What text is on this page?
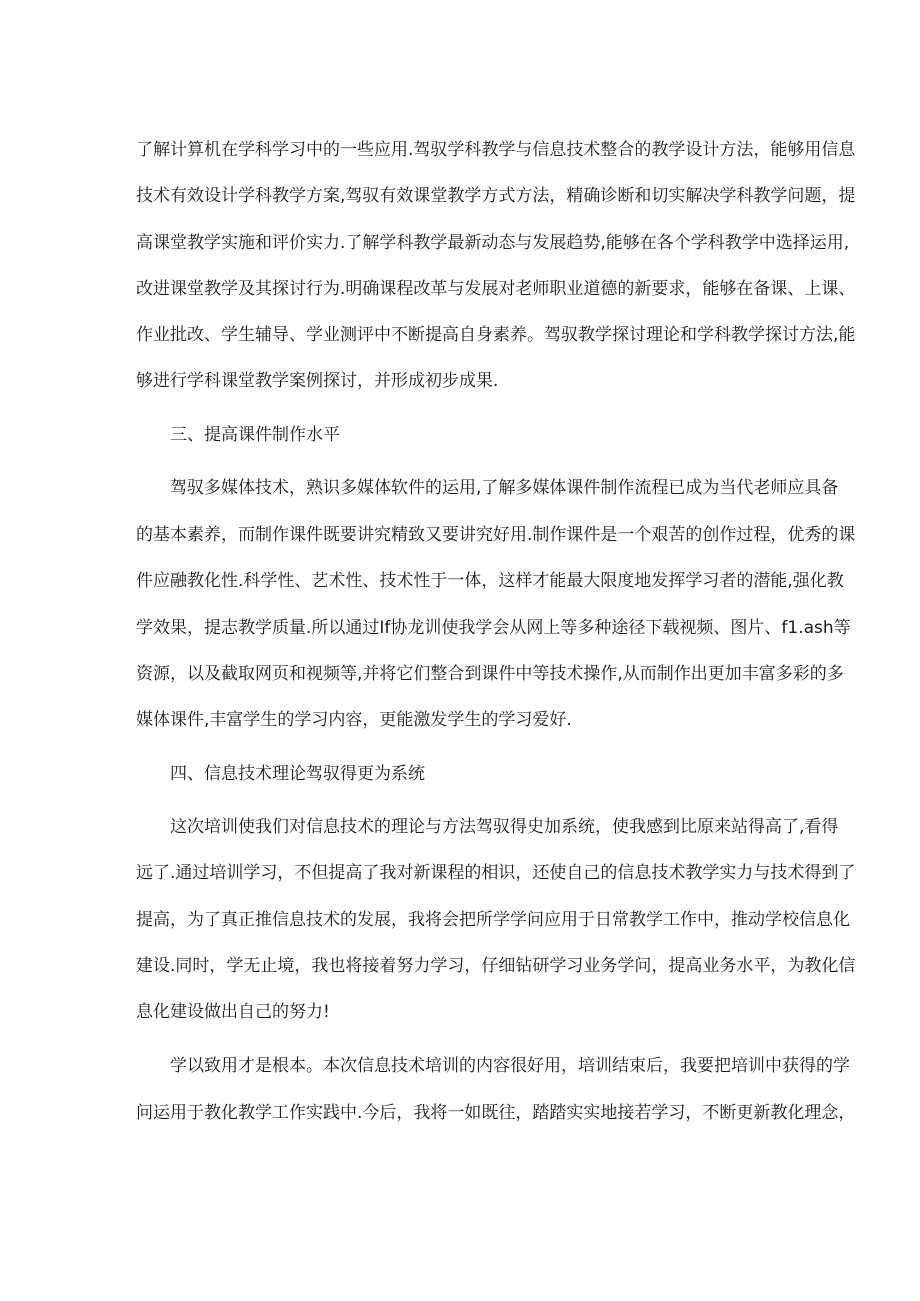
了解计算机在学科学习中的一些应用.驾驭学科教学与信息技术整合的教学设计方法，能够用信息
技术有效设计学科教学方案,驾驭有效课堂教学方式方法，精确诊断和切实解决学科教学问题，提
高课堂教学实施和评价实力.了解学科教学最新动态与发展趋势,能够在各个学科教学中选择运用,
改进课堂教学及其探讨行为.明确课程改革与发展对老师职业道德的新要求，能够在备课、上课、
作业批改、学生辅导、学业测评中不断提高自身素养。驾驭教学探讨理论和学科教学探讨方法,能
够进行学科课堂教学案例探讨，并形成初步成果.
三、提高课件制作水平
驾驭多媒体技术，熟识多媒体软件的运用,了解多媒体课件制作流程已成为当代老师应具备
的基本素养，而制作课件既要讲究精致又要讲究好用.制作课件是一个艰苦的创作过程，优秀的课
件应融教化性.科学性、艺术性、技术性于一体，这样才能最大限度地发挥学习者的潜能,强化教
学效果，提志教学质量.所以通过If协龙训使我学会从网上等多种途径下载视频、图片、f1.ash等
资源，以及截取网页和视频等,并将它们整合到课件中等技术操作,从而制作出更加丰富多彩的多
媒体课件,丰富学生的学习内容，更能激发学生的学习爱好.
四、信息技术理论驾驭得更为系统
这次培训使我们对信息技术的理论与方法驾驭得史加系统，使我感到比原来站得高了,看得
远了.通过培训学习，不但提高了我对新课程的相识，还使自己的信息技术教学实力与技术得到了
提高，为了真正推信息技术的发展，我将会把所学学问应用于日常教学工作中，推动学校信息化
建设.同时，学无止境，我也将接着努力学习，仔细钻研学习业务学问，提高业务水平，为教化信
息化建设做出自己的努力!
学以致用才是根本。本次信息技术培训的内容很好用，培训结束后，我要把培训中获得的学
问运用于教化教学工作实践中.今后，我将一如既往，踏踏实实地接若学习，不断更新教化理念，
